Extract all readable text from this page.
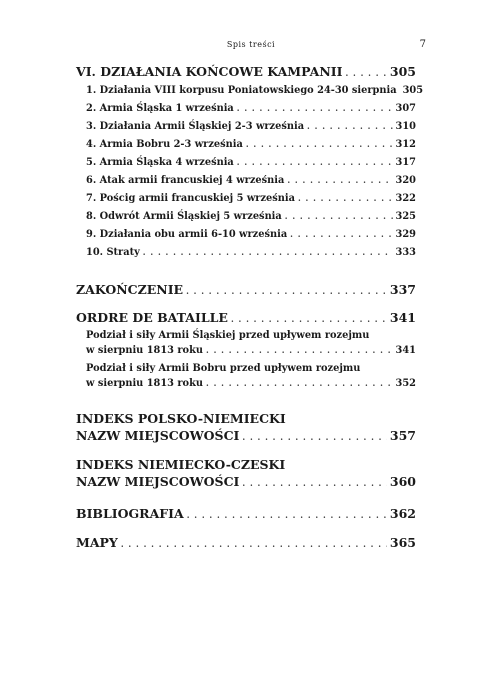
Spis treści	7
VI. DZIAŁANIA KOŃCOWE KAMPANII . . .	305
1. Działania VIII korpusu Poniatowskiego 24-30 sierpnia 305
2. Armia Śląska 1 września . . .	307
3. Działania Armii Śląskiej 2-3 września . . .	310
4. Armia Bobru 2-3 września . . .	312
5. Armia Śląska 4 września . . .	317
6. Atak armii francuskiej 4 września . . .	320
7. Pościg armii francuskiej 5 września . . .	322
8. Odwrót Armii Śląskiej 5 września . . .	325
9. Działania obu armii 6-10 września . . .	329
10. Straty . . .	333
ZAKOŃCZENIE . . .	337
ORDRE DE BATAILLE . . .	341
Podział i siły Armii Śląskiej przed upływem rozejmu
w sierpniu 1813 roku . . .	341
Podział i siły Armii Bobru przed upływem rozejmu
w sierpniu 1813 roku . . .	352
INDEKS POLSKO-NIEMIECKI
NAZW MIEJSCOWOŚCI . . .	357
INDEKS NIEMIECKO-CZESKI
NAZW MIEJSCOWOŚCI . . .	360
BIBLIOGRAFIA . . .	362
MAPY . . .	365
